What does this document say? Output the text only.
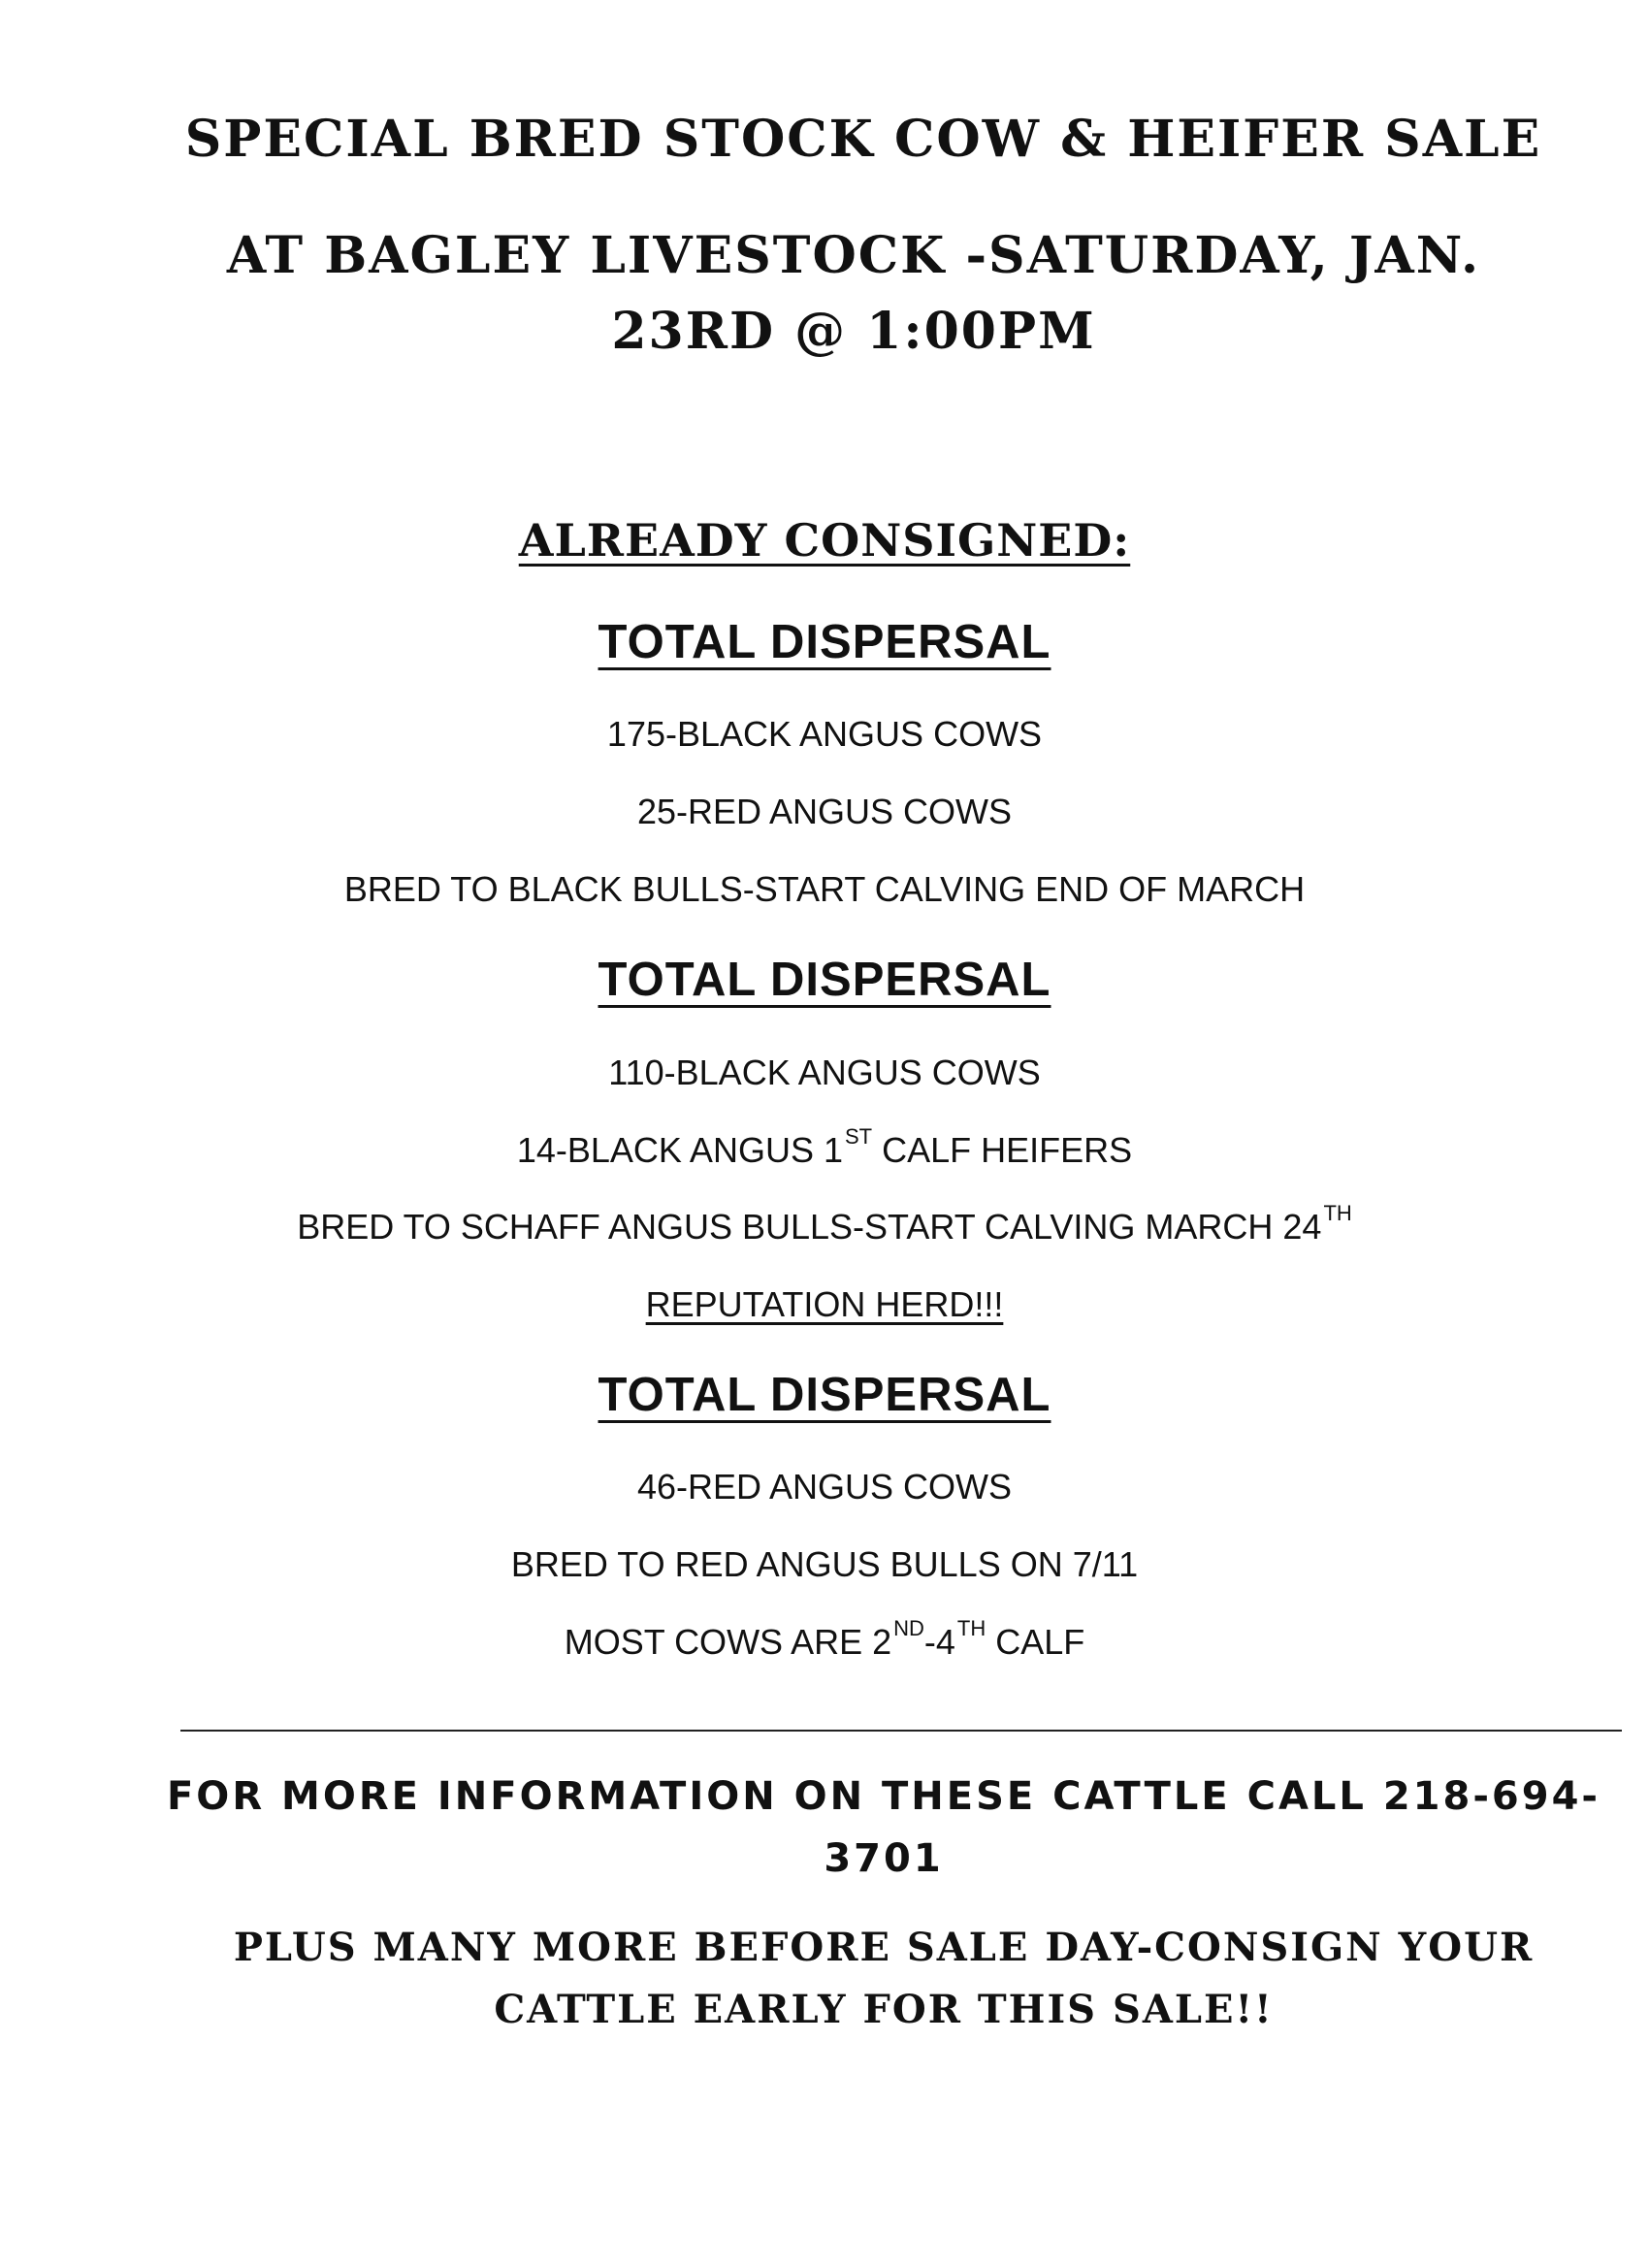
SPECIAL BRED STOCK COW & HEIFER SALE
AT BAGLEY LIVESTOCK -SATURDAY, JAN.
23RD @ 1:00PM
ALREADY CONSIGNED:
TOTAL DISPERSAL
175-BLACK ANGUS COWS
25-RED ANGUS COWS
BRED TO BLACK BULLS-START CALVING END OF MARCH
TOTAL DISPERSAL
110-BLACK ANGUS COWS
14-BLACK ANGUS 1ST CALF HEIFERS
BRED TO SCHAFF ANGUS BULLS-START CALVING MARCH 24TH
REPUTATION HERD!!!
TOTAL DISPERSAL
46-RED ANGUS COWS
BRED TO RED ANGUS BULLS ON 7/11
MOST COWS ARE 2ND-4TH CALF
FOR MORE INFORMATION ON THESE CATTLE CALL 218-694-3701
PLUS MANY MORE BEFORE SALE DAY-CONSIGN YOUR CATTLE EARLY FOR THIS SALE!!
